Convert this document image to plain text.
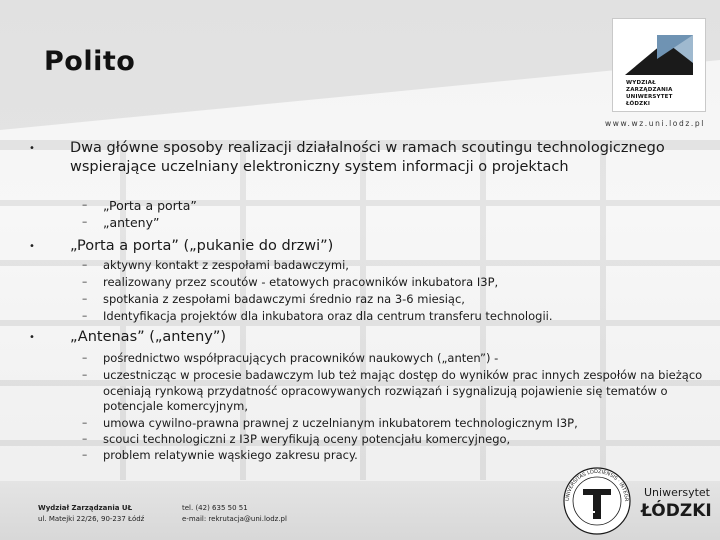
Polito
WYDZIAŁ ZARZĄDZANIA
UNIWERSYTET ŁÓDZKI
www.wz.uni.lodz.pl
• Dwa główne sposoby realizacji działalności w ramach scoutingu technologicznego wspierające uczelniany elektroniczny system informacji o projektach
– „Porta a porta”
– „anteny”
• „Porta a porta” („pukanie do drzwi”)
– aktywny kontakt z zespołami badawczymi,
– realizowany przez scoutów - etatowych pracowników inkubatora I3P,
– spotkania z zespołami badawczymi średnio raz na 3-6 miesiąc,
– Identyfikacja projektów dla inkubatora oraz dla centrum transferu technologii.
• „Antenas” („anteny”)
– pośrednictwo współpracujących pracowników naukowych („anten”) -
– uczestnicząc w procesie badawczym lub też mając dostęp do wyników prac innych zespołów na bieżąco oceniają rynkową przydatność opracowywanych rozwiązań i sygnalizują pojawienie się tematów o potencjale komercyjnym,
– umowa cywilno-prawna prawnej z uczelnianym inkubatorem technologicznym I3P,
– scouci technologiczni z I3P weryfikują oceny potencjału komercyjnego,
– problem relatywnie wąskiego zakresu pracy.
Wydział Zarządzania UŁ
ul. Matejki 22/26, 90-237 Łódź
tel. (42) 635 50 51
e-mail: rekrutacja@uni.lodz.pl
UNIVERSITAS LODZIENSIS · INTEGR
Uniwersytet
ŁÓDZKI
